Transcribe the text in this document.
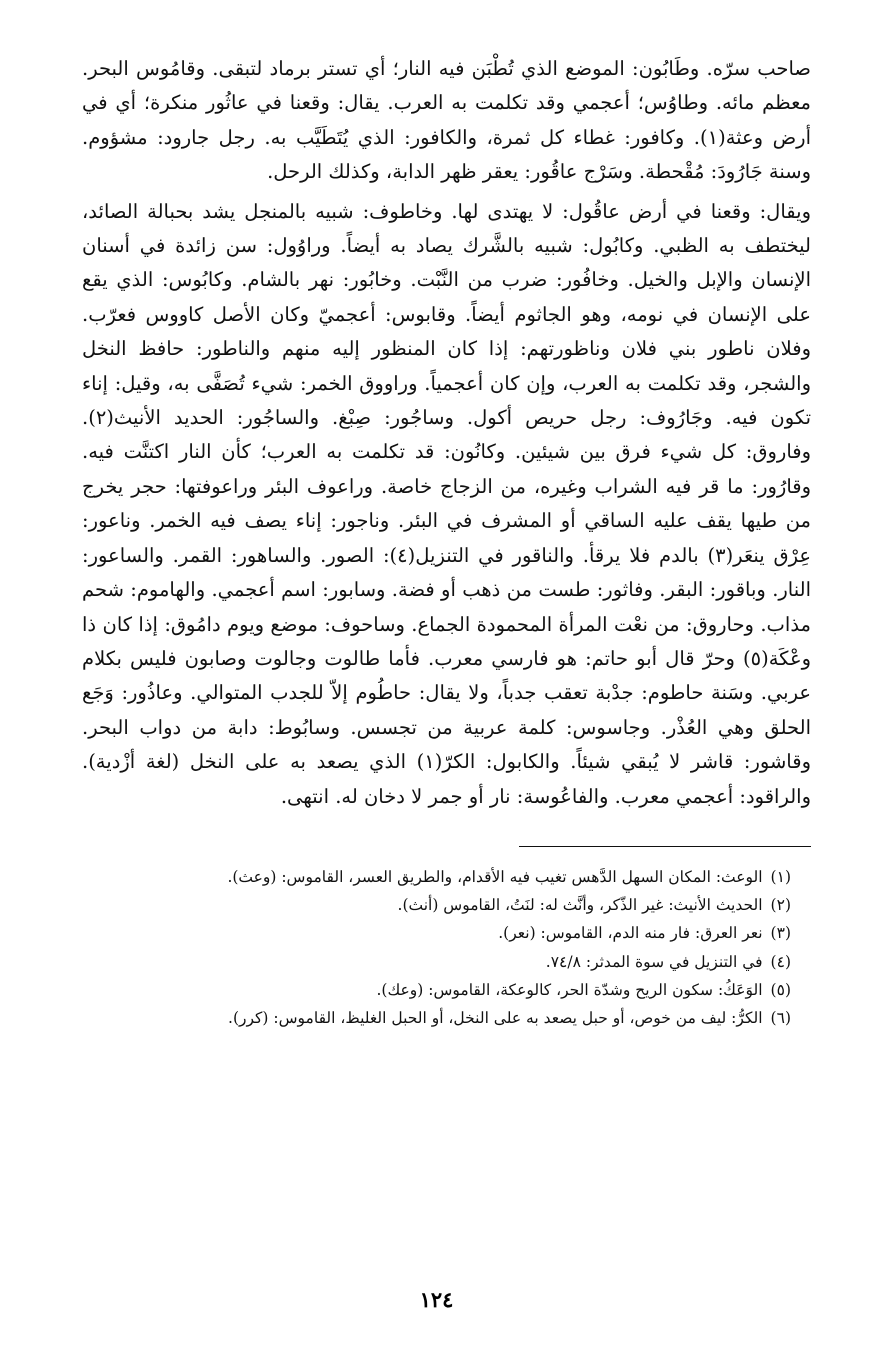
صاحب سرّه. وطَابُون: الموضع الذي تُطْبَن فيه النار؛ أي تستر برماد لتبقى. وقامُوس البحر. معظم مائه. وطاوُس؛ أعجمي وقد تكلمت به العرب. يقال: وقعنا في عاثُور منكرة؛ أي في أرض وعثة(١). وكافور: غطاء كل ثمرة، والكافور: الذي يُتَطَيَّب به. رجل جارود: مشؤوم. وسنة جَارُودَ: مُقْحطة. وسَرْج عاقُور: يعقر ظهر الدابة، وكذلك الرحل.

ويقال: وقعنا في أرض عاقُول: لا يهتدى لها. وخاطوف: شبيه بالمنجل يشد بحبالة الصائد، ليختطف به الظبي. وكابُول: شبيه بالشَّرك يصاد به أيضاً. وراوُول: سن زائدة في أسنان الإنسان والإبل والخيل. وخافُور: ضرب من النَّبْت. وخابُور: نهر بالشام. وكابُوس: الذي يقع على الإنسان في نومه، وهو الجاثوم أيضاً. وقابوس: أعجميّ وكان الأصل كاووس فعرّب. وفلان ناطور بني فلان وناظورتهم: إذا كان المنظور إليه منهم والناطور: حافظ النخل والشجر، وقد تكلمت به العرب، وإن كان أعجمياً. وراووق الخمر: شيء تُصَفَّى به، وقيل: إناء تكون فيه. وجَارُوف: رجل حريص أكول. وساجُور: صِبْغ. والساجُور: الحديد الأنيث(٢). وفاروق: كل شيء فرق بين شيئين. وكانُون: قد تكلمت به العرب؛ كأن النار اكتنَّت فيه. وقارُور: ما قر فيه الشراب وغيره، من الزجاج خاصة. وراعوف البئر وراعوفتها: حجر يخرج من طيها يقف عليه الساقي أو المشرف في البئر. وناجور: إناء يصف فيه الخمر. وناعور: عِرْق ينعَر(٣) بالدم فلا يرقأ. والناقور في التنزيل(٤): الصور. والساهور: القمر. والساعور: النار. وباقور: البقر. وفاثور: طست من ذهب أو فضة. وسابور: اسم أعجمي. والهاموم: شحم مذاب. وحاروق: من نعْت المرأة المحمودة الجماع. وساحوف: موضع ويوم دامُوق: إذا كان ذا وعْكَة(٥) وحرّ قال أبو حاتم: هو فارسي معرب. فأما طالوت وجالوت وصابون فليس بكلام عربي. وسَنة حاطوم: جدْبة تعقب جدباً، ولا يقال: حاطُوم إلاّ للجدب المتوالي. وعاذُور: وَجَع الحلق وهي العُذْر. وجاسوس: كلمة عربية من تجسس. وسابُوط: دابة من دواب البحر. وقاشور: قاشر لا يُبقي شيئاً. والكابول: الكرّ(١) الذي يصعد به على النخل (لغة أزْدية). والراقود: أعجمي معرب. والفاعُوسة: نار أو جمر لا دخان له. انتهى.

(١)الوعث: المكان السهل الدَّهس تغيب فيه الأقدام، والطريق العسر، القاموس: (وعث).
(٢)الحديث الأنيث: غير الذّكر، وأنَّث له: لنَتُ، القاموس (أنث).
(٣)نعر العرق: فار منه الدم، القاموس: (نعر).
(٤)في التنزيل في سوة المدثر: ٧٤/٨.
(٥)الوَعَكُ: سكون الريح وشدّة الحر، كالوعكة، القاموس: (وعك).
(٦)الكرُّ: ليف من خوص، أو حبل يصعد به على النخل، أو الحبل الغليظ، القاموس: (كرر).
١٢٤
